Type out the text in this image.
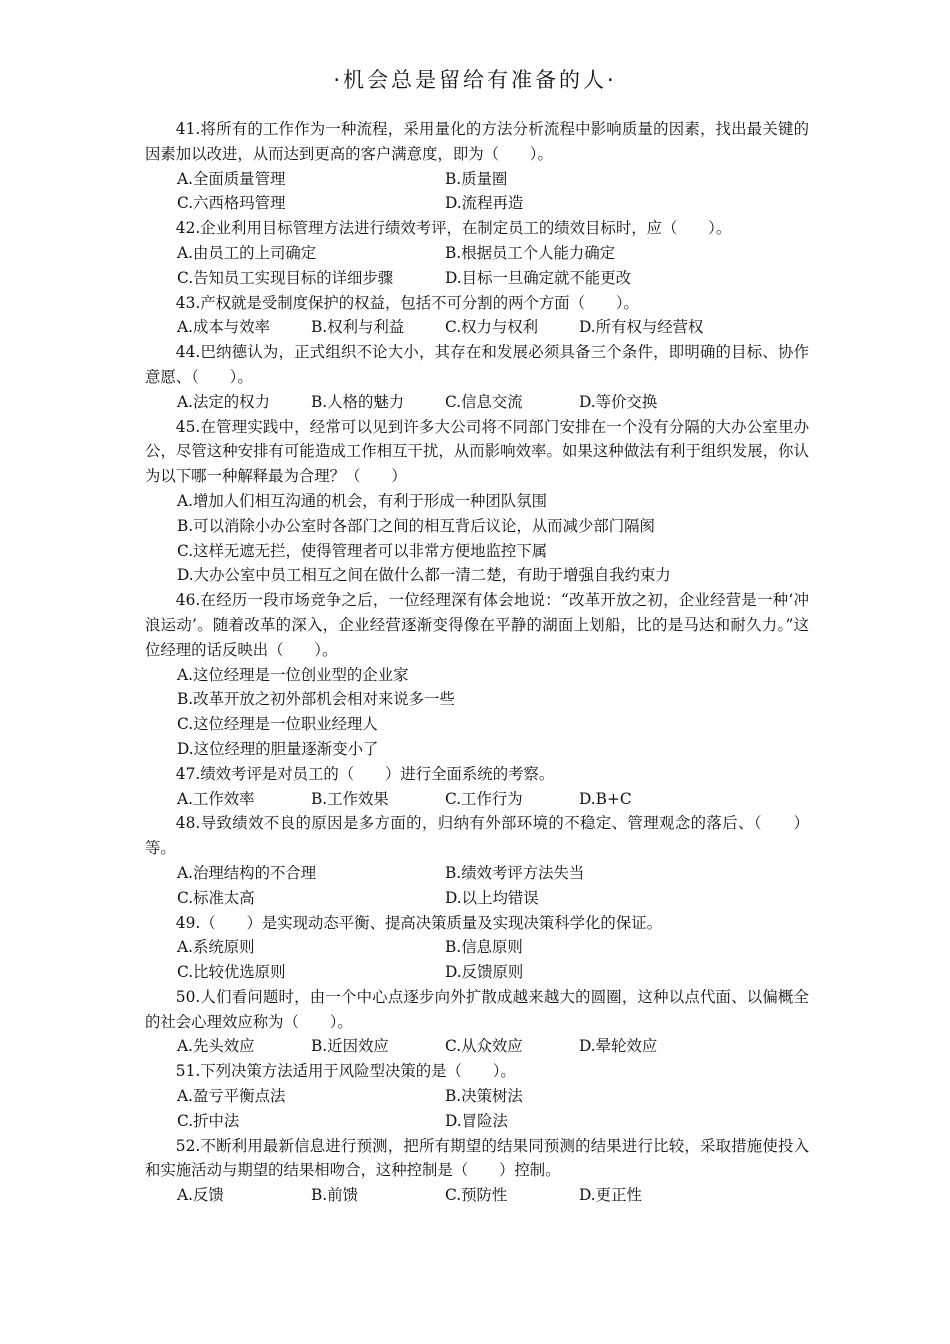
·机会总是留给有准备的人·

41.将所有的工作作为一种流程，采用量化的方法分析流程中影响质量的因素，找出最关键的因素加以改进，从而达到更高的客户满意度，即为（　　）。

A.全面质量管理	B.质量圈
C.六西格玛管理	D.流程再造

42.企业利用目标管理方法进行绩效考评，在制定员工的绩效目标时，应（　　）。

A.由员工的上司确定	B.根据员工个人能力确定
C.告知员工实现目标的详细步骤	D.目标一旦确定就不能更改

43.产权就是受制度保护的权益，包括不可分割的两个方面（　　）。

A.成本与效率	B.权利与利益	C.权力与权利	D.所有权与经营权

44.巴纳德认为，正式组织不论大小，其存在和发展必须具备三个条件，即明确的目标、协作意愿、（　　）。

A.法定的权力	B.人格的魅力	C.信息交流	D.等价交换

45.在管理实践中，经常可以见到许多大公司将不同部门安排在一个没有分隔的大办公室里办公，尽管这种安排有可能造成工作相互干扰，从而影响效率。如果这种做法有利于组织发展，你认为以下哪一种解释最为合理？（　　）

A.增加人们相互沟通的机会，有利于形成一种团队氛围
B.可以消除小办公室时各部门之间的相互背后议论，从而减少部门隔阂
C.这样无遮无拦，使得管理者可以非常方便地监控下属
D.大办公室中员工相互之间在做什么都一清二楚，有助于增强自我约束力

46.在经历一段市场竞争之后，一位经理深有体会地说：“改革开放之初，企业经营是一种‘冲浪运动’。随着改革的深入，企业经营逐渐变得像在平静的湖面上划船，比的是马达和耐久力。”这位经理的话反映出（　　）。

A.这位经理是一位创业型的企业家
B.改革开放之初外部机会相对来说多一些
C.这位经理是一位职业经理人
D.这位经理的胆量逐渐变小了

47.绩效考评是对员工的（　　）进行全面系统的考察。

A.工作效率	B.工作效果	C.工作行为	D.B+C

48.导致绩效不良的原因是多方面的，归纳有外部环境的不稳定、管理观念的落后、（　　）等。

A.治理结构的不合理	B.绩效考评方法失当
C.标准太高	D.以上均错误

49.（　　）是实现动态平衡、提高决策质量及实现决策科学化的保证。

A.系统原则	B.信息原则
C.比较优选原则	D.反馈原则

50.人们看问题时，由一个中心点逐步向外扩散成越来越大的圆圈，这种以点代面、以偏概全的社会心理效应称为（　　）。

A.先头效应	B.近因效应	C.从众效应	D.晕轮效应

51.下列决策方法适用于风险型决策的是（　　）。

A.盈亏平衡点法	B.决策树法
C.折中法	D.冒险法

52.不断利用最新信息进行预测，把所有期望的结果同预测的结果进行比较，采取措施使投入和实施活动与期望的结果相吻合，这种控制是（　　）控制。

A.反馈	B.前馈	C.预防性	D.更正性
